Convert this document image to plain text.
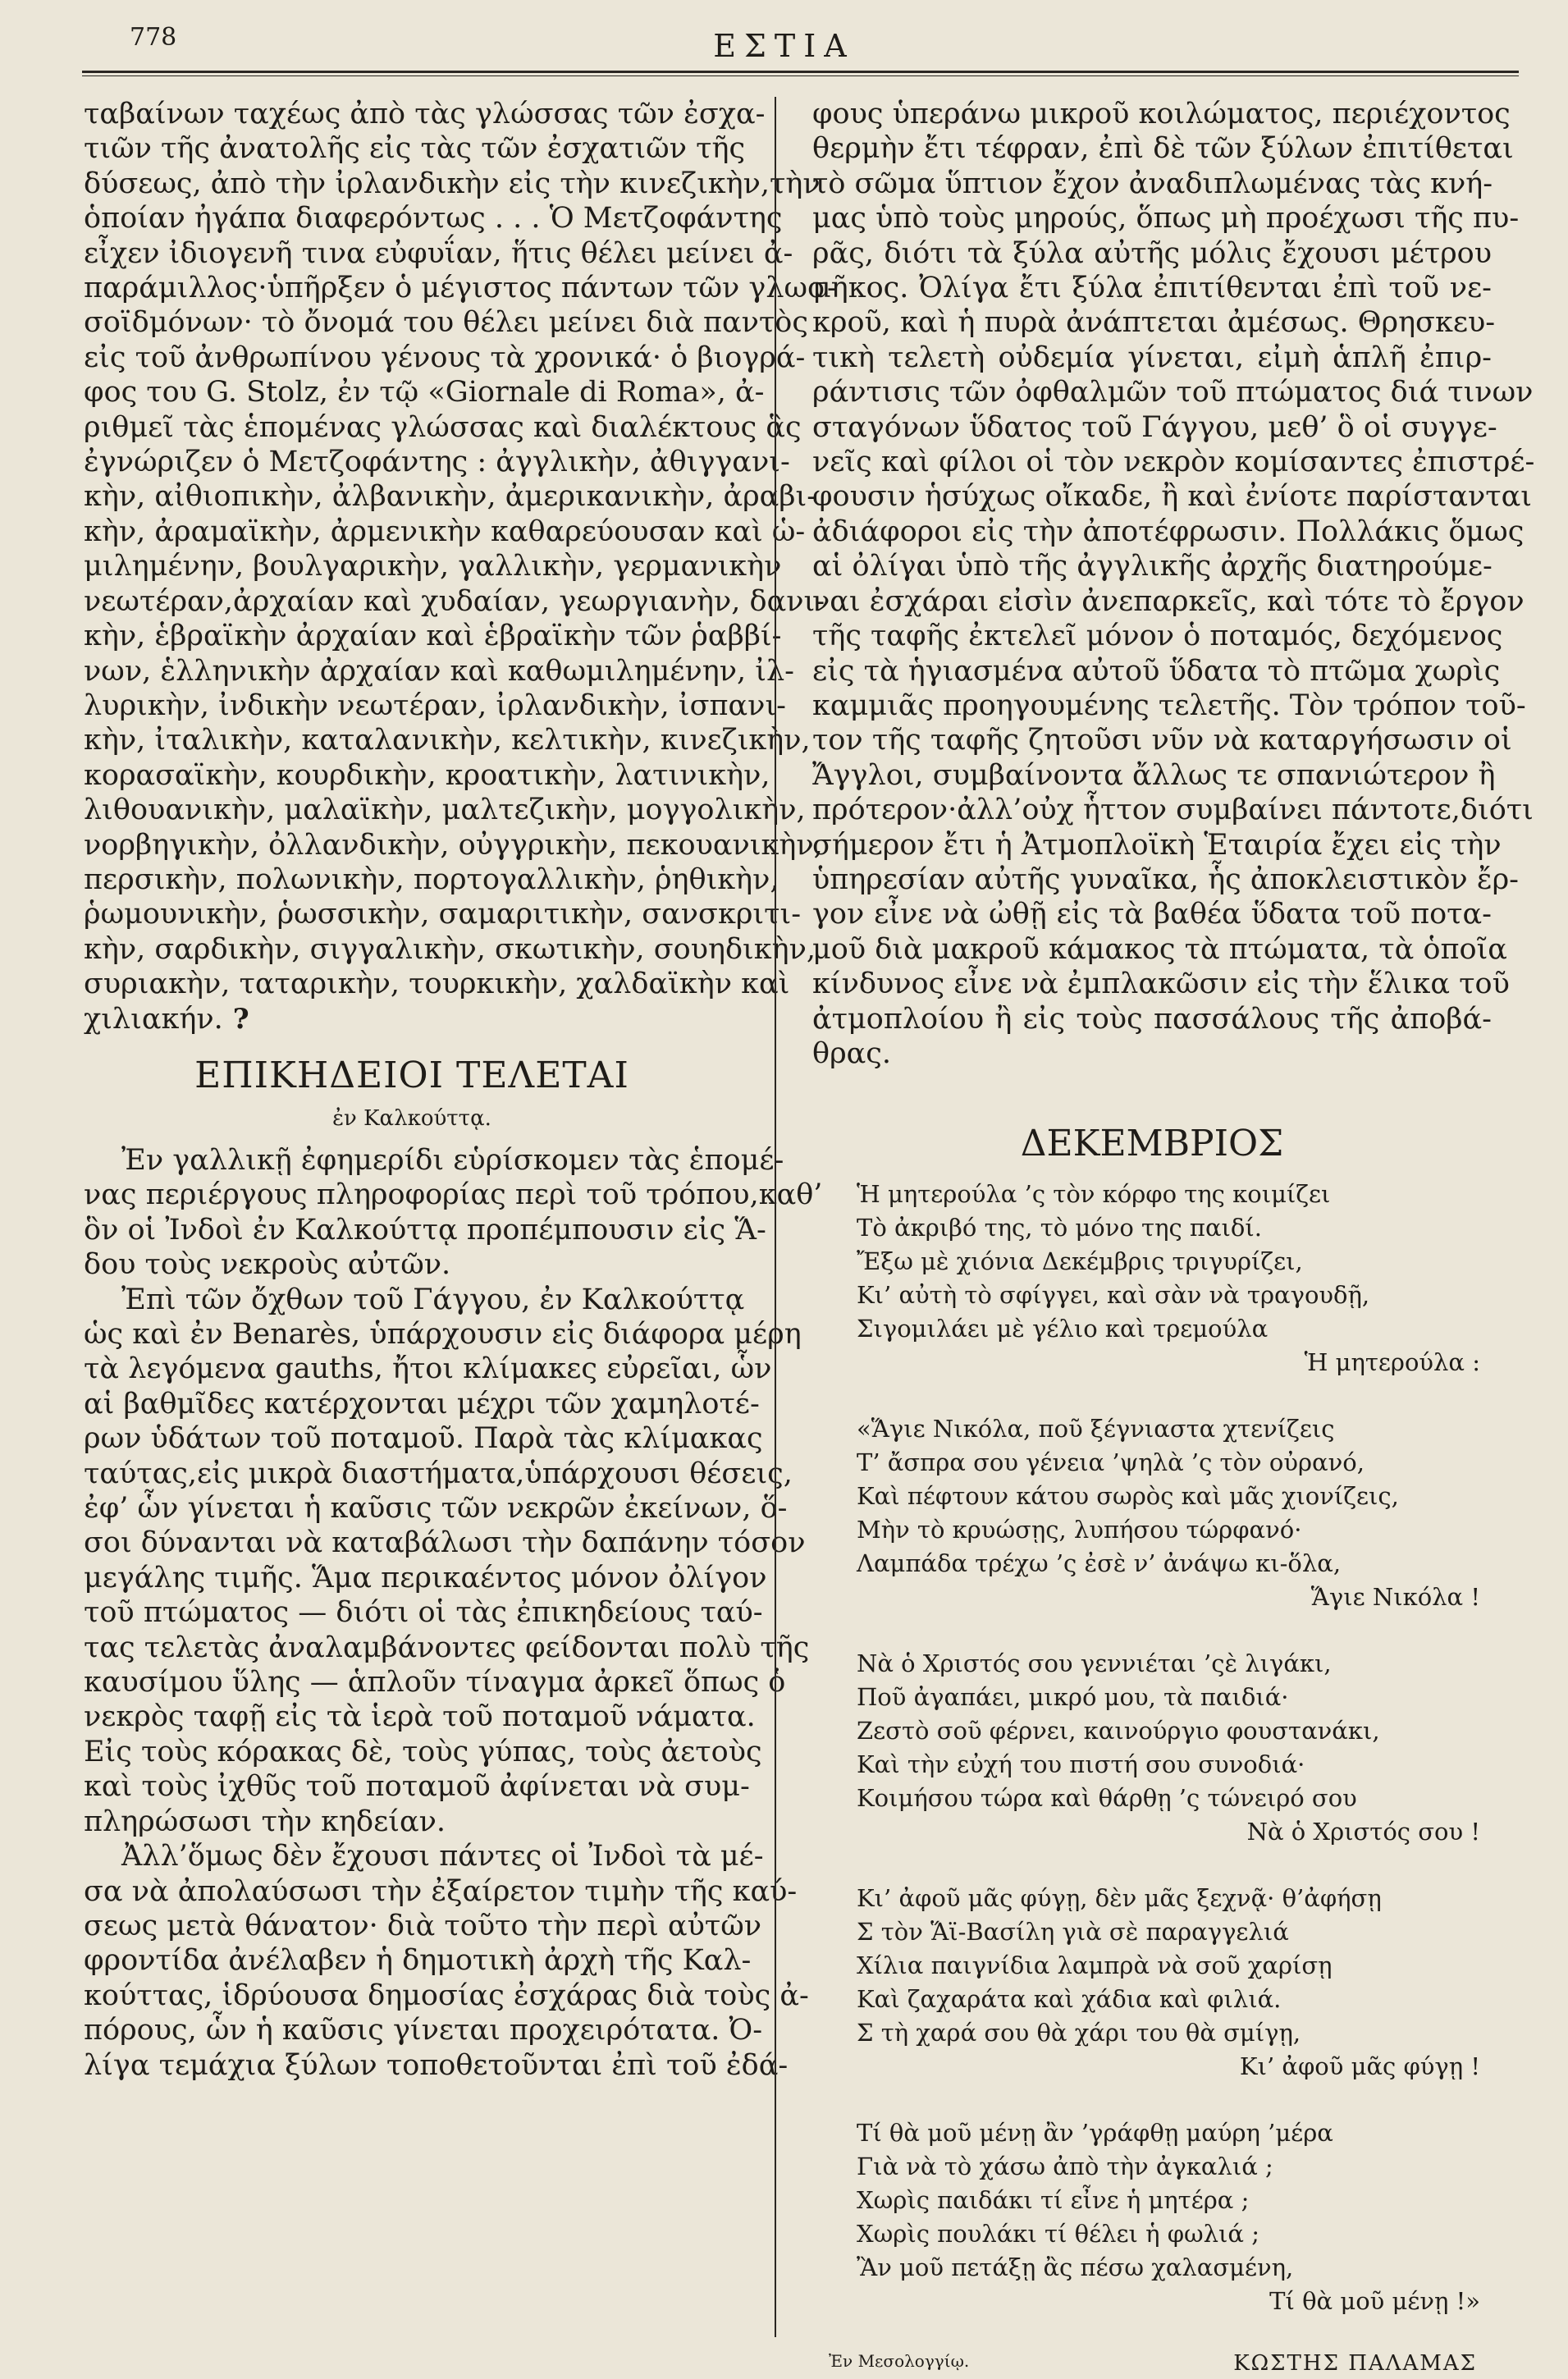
778	ΕΣΤΙΑ
ταβαίνων ταχέως ἀπὸ τὰς γλώσσας τῶν ἐσχα-
τιῶν τῆς ἀνατολῆς εἰς τὰς τῶν ἐσχατιῶν τῆς
δύσεως, ἀπὸ τὴν ἰρλανδικὴν εἰς τὴν κινεζικὴν,τὴν
ὁποίαν ἠγάπα διαφερόντως . . . Ὁ Μετζοφάντης
εἶχεν ἰδιογενῆ τινα εὐφυΐαν, ἥτις θέλει μείνει ἀ-
παράμιλλος·ὑπῆρξεν ὁ μέγιστος πάντων τῶν γλωσ-
σοϊδμόνων· τὸ ὄνομά του θέλει μείνει διὰ παντὸς
εἰς τοῦ ἀνθρωπίνου γένους τὰ χρονικά· ὁ βιογρά-
φος του G. Stolz, ἐν τῷ «Giornale di Roma», ἀ-
ριθμεῖ τὰς ἑπομένας γλώσσας καὶ διαλέκτους ἃς
ἐγνώριζεν ὁ Μετζοφάντης : ἀγγλικὴν, ἀθιγγανι-
κὴν, αἰθιοπικὴν, ἀλβανικὴν, ἀμερικανικὴν, ἀραβι-
κὴν, ἀραμαϊκὴν, ἀρμενικὴν καθαρεύουσαν καὶ ὡ-
μιλημένην, βουλγαρικὴν, γαλλικὴν, γερμανικὴν
νεωτέραν,ἀρχαίαν καὶ χυδαίαν, γεωργιανὴν, δανι-
κὴν, ἑβραϊκὴν ἀρχαίαν καὶ ἑβραϊκὴν τῶν ῥαββί-
νων, ἑλληνικὴν ἀρχαίαν καὶ καθωμιλημένην, ἰλ-
λυρικὴν, ἰνδικὴν νεωτέραν, ἰρλανδικὴν, ἰσπανι-
κὴν, ἰταλικὴν, καταλανικὴν, κελτικὴν, κινεζικὴν,
κορασαϊκὴν, κουρδικὴν, κροατικὴν, λατινικὴν,
λιθουανικὴν, μαλαϊκὴν, μαλτεζικὴν, μογγολικὴν,
νορβηγικὴν, ὀλλανδικὴν, οὐγγρικὴν, πεκουανικὴν,
περσικὴν, πολωνικὴν, πορτογαλλικὴν, ῥηθικὴν,
ῥωμουνικὴν, ῥωσσικὴν, σαμαριτικὴν, σανσκριτι-
κὴν, σαρδικὴν, σιγγαλικὴν, σκωτικὴν, σουηδικὴν,
συριακὴν, ταταρικὴν, τουρκικὴν, χαλδαϊκὴν καὶ
χιλιακήν. ?
ΕΠΙΚΗΔΕΙΟΙ ΤΕΛΕΤΑΙ
ἐν Καλκούττᾳ.
Ἐν γαλλικῇ ἐφημερίδι εὑρίσκομεν τὰς ἑπομέ-
νας περιέργους πληροφορίας περὶ τοῦ τρόπου,καθ’
ὃν οἱ Ἰνδοὶ ἐν Καλκούττᾳ προπέμπουσιν εἰς Ἅ-
δου τοὺς νεκροὺς αὐτῶν.
Ἐπὶ τῶν ὄχθων τοῦ Γάγγου, ἐν Καλκούττᾳ
ὡς καὶ ἐν Benarès, ὑπάρχουσιν εἰς διάφορα μέρη
τὰ λεγόμενα gauths, ἤτοι κλίμακες εὐρεῖαι, ὧν
αἱ βαθμῖδες κατέρχονται μέχρι τῶν χαμηλοτέ-
ρων ὑδάτων τοῦ ποταμοῦ. Παρὰ τὰς κλίμακας
ταύτας,εἰς μικρὰ διαστήματα,ὑπάρχουσι θέσεις,
ἐφ’ ὧν γίνεται ἡ καῦσις τῶν νεκρῶν ἐκείνων, ὅ-
σοι δύνανται νὰ καταβάλωσι τὴν δαπάνην τόσον
μεγάλης τιμῆς. Ἅμα περικαέντος μόνον ὀλίγον
τοῦ πτώματος — διότι οἱ τὰς ἐπικηδείους ταύ-
τας τελετὰς ἀναλαμβάνοντες φείδονται πολὺ τῆς
καυσίμου ὕλης — ἁπλοῦν τίναγμα ἀρκεῖ ὅπως ὁ
νεκρὸς ταφῇ εἰς τὰ ἱερὰ τοῦ ποταμοῦ νάματα.
Εἰς τοὺς κόρακας δὲ, τοὺς γύπας, τοὺς ἀετοὺς
καὶ τοὺς ἰχθῦς τοῦ ποταμοῦ ἀφίνεται νὰ συμ-
πληρώσωσι τὴν κηδείαν.
Ἀλλ’ὅμως δὲν ἔχουσι πάντες οἱ Ἰνδοὶ τὰ μέ-
σα νὰ ἀπολαύσωσι τὴν ἐξαίρετον τιμὴν τῆς καύ-
σεως μετὰ θάνατον· διὰ τοῦτο τὴν περὶ αὐτῶν
φροντίδα ἀνέλαβεν ἡ δημοτικὴ ἀρχὴ τῆς Καλ-
κούττας, ἱδρύουσα δημοσίας ἐσχάρας διὰ τοὺς ἀ-
πόρους, ὧν ἡ καῦσις γίνεται προχειρότατα. Ὀ-
λίγα τεμάχια ξύλων τοποθετοῦνται ἐπὶ τοῦ ἐδά-
φους ὑπεράνω μικροῦ κοιλώματος, περιέχοντος
θερμὴν ἔτι τέφραν, ἐπὶ δὲ τῶν ξύλων ἐπιτίθεται
τὸ σῶμα ὕπτιον ἔχον ἀναδιπλωμένας τὰς κνή-
μας ὑπὸ τοὺς μηρούς, ὅπως μὴ προέχωσι τῆς πυ-
ρᾶς, διότι τὰ ξύλα αὐτῆς μόλις ἔχουσι μέτρου
μῆκος. Ὀλίγα ἔτι ξύλα ἐπιτίθενται ἐπὶ τοῦ νε-
κροῦ, καὶ ἡ πυρὰ ἀνάπτεται ἀμέσως. Θρησκευ-
τικὴ τελετὴ οὐδεμία γίνεται, εἰμὴ ἁπλῆ ἐπιρ-
ράντισις τῶν ὀφθαλμῶν τοῦ πτώματος διά τινων
σταγόνων ὕδατος τοῦ Γάγγου, μεθ’ ὃ οἱ συγγε-
νεῖς καὶ φίλοι οἱ τὸν νεκρὸν κομίσαντες ἐπιστρέ-
φουσιν ἡσύχως οἴκαδε, ἢ καὶ ἐνίοτε παρίστανται
ἀδιάφοροι εἰς τὴν ἀποτέφρωσιν. Πολλάκις ὅμως
αἱ ὀλίγαι ὑπὸ τῆς ἀγγλικῆς ἀρχῆς διατηρούμε-
ναι ἐσχάραι εἰσὶν ἀνεπαρκεῖς, καὶ τότε τὸ ἔργον
τῆς ταφῆς ἐκτελεῖ μόνον ὁ ποταμός, δεχόμενος
εἰς τὰ ἡγιασμένα αὐτοῦ ὕδατα τὸ πτῶμα χωρὶς
καμμιᾶς προηγουμένης τελετῆς. Τὸν τρόπον τοῦ-
τον τῆς ταφῆς ζητοῦσι νῦν νὰ καταργήσωσιν οἱ
Ἄγγλοι, συμβαίνοντα ἄλλως τε σπανιώτερον ἢ
πρότερον·ἀλλ’οὐχ ἧττον συμβαίνει πάντοτε,διότι
σήμερον ἔτι ἡ Ἀτμοπλοϊκὴ Ἑταιρία ἔχει εἰς τὴν
ὑπηρεσίαν αὐτῆς γυναῖκα, ἧς ἀποκλειστικὸν ἔρ-
γον εἶνε νὰ ὠθῇ εἰς τὰ βαθέα ὕδατα τοῦ ποτα-
μοῦ διὰ μακροῦ κάμακος τὰ πτώματα, τὰ ὁποῖα
κίνδυνος εἶνε νὰ ἐμπλακῶσιν εἰς τὴν ἕλικα τοῦ
ἀτμοπλοίου ἢ εἰς τοὺς πασσάλους τῆς ἀποβά-
θρας.
ΔΕΚΕΜΒΡΙΟΣ
Ἡ μητερούλα ’ς τὸν κόρφο της κοιμίζει
Τὸ ἀκριβό της, τὸ μόνο της παιδί.
Ἔξω μὲ χιόνια Δεκέμβρις τριγυρίζει,
Κι’ αὐτὴ τὸ σφίγγει, καὶ σὰν νὰ τραγουδῇ,
Σιγομιλάει μὲ γέλιο καὶ τρεμούλα
Ἡ μητερούλα :
«Ἅγιε Νικόλα, ποῦ ξέγνιαστα χτενίζεις
Τ’ ἄσπρα σου γένεια ’ψηλὰ ’ς τὸν οὐρανό,
Καὶ πέφτουν κάτου σωρὸς καὶ μᾶς χιονίζεις,
Μὴν τὸ κρυώσῃς, λυπήσου τώρφανό·
Λαμπάδα τρέχω ’ς ἐσὲ ν’ ἀνάψω κι-ὅλα,
Ἅγιε Νικόλα !
Νὰ ὁ Χριστός σου γεννιέται ’ςὲ λιγάκι,
Ποῦ ἀγαπάει, μικρό μου, τὰ παιδιά·
Ζεστὸ σοῦ φέρνει, καινούργιο φουστανάκι,
Καὶ τὴν εὐχή του πιστή σου συνοδιά·
Κοιμήσου τώρα καὶ θάρθῃ ’ς τώνειρό σου
Νὰ ὁ Χριστός σου !
Κι’ ἀφοῦ μᾶς φύγῃ, δὲν μᾶς ξεχνᾷ· θ’ἀφήσῃ
Σ τὸν Ἅϊ-Βασίλη γιὰ σὲ παραγγελιά
Χίλια παιγνίδια λαμπρὰ νὰ σοῦ χαρίσῃ
Καὶ ζαχαράτα καὶ χάδια καὶ φιλιά.
Σ τὴ χαρά σου θὰ χάρι του θὰ σμίγῃ,
Κι’ ἀφοῦ μᾶς φύγῃ !
Τί θὰ μοῦ μένῃ ἂν ’γράφθῃ μαύρη ’μέρα
Γιὰ νὰ τὸ χάσω ἀπὸ τὴν ἀγκαλιά ;
Χωρὶς παιδάκι τί εἶνε ἡ μητέρα ;
Χωρὶς πουλάκι τί θέλει ἡ φωλιά ;
Ἂν μοῦ πετάξῃ ἂς πέσω χαλασμένη,
Τί θὰ μοῦ μένῃ !»
Ἐν Μεσολογγίῳ.	ΚΩΣΤΗΣ ΠΑΛΑΜΑΣ
